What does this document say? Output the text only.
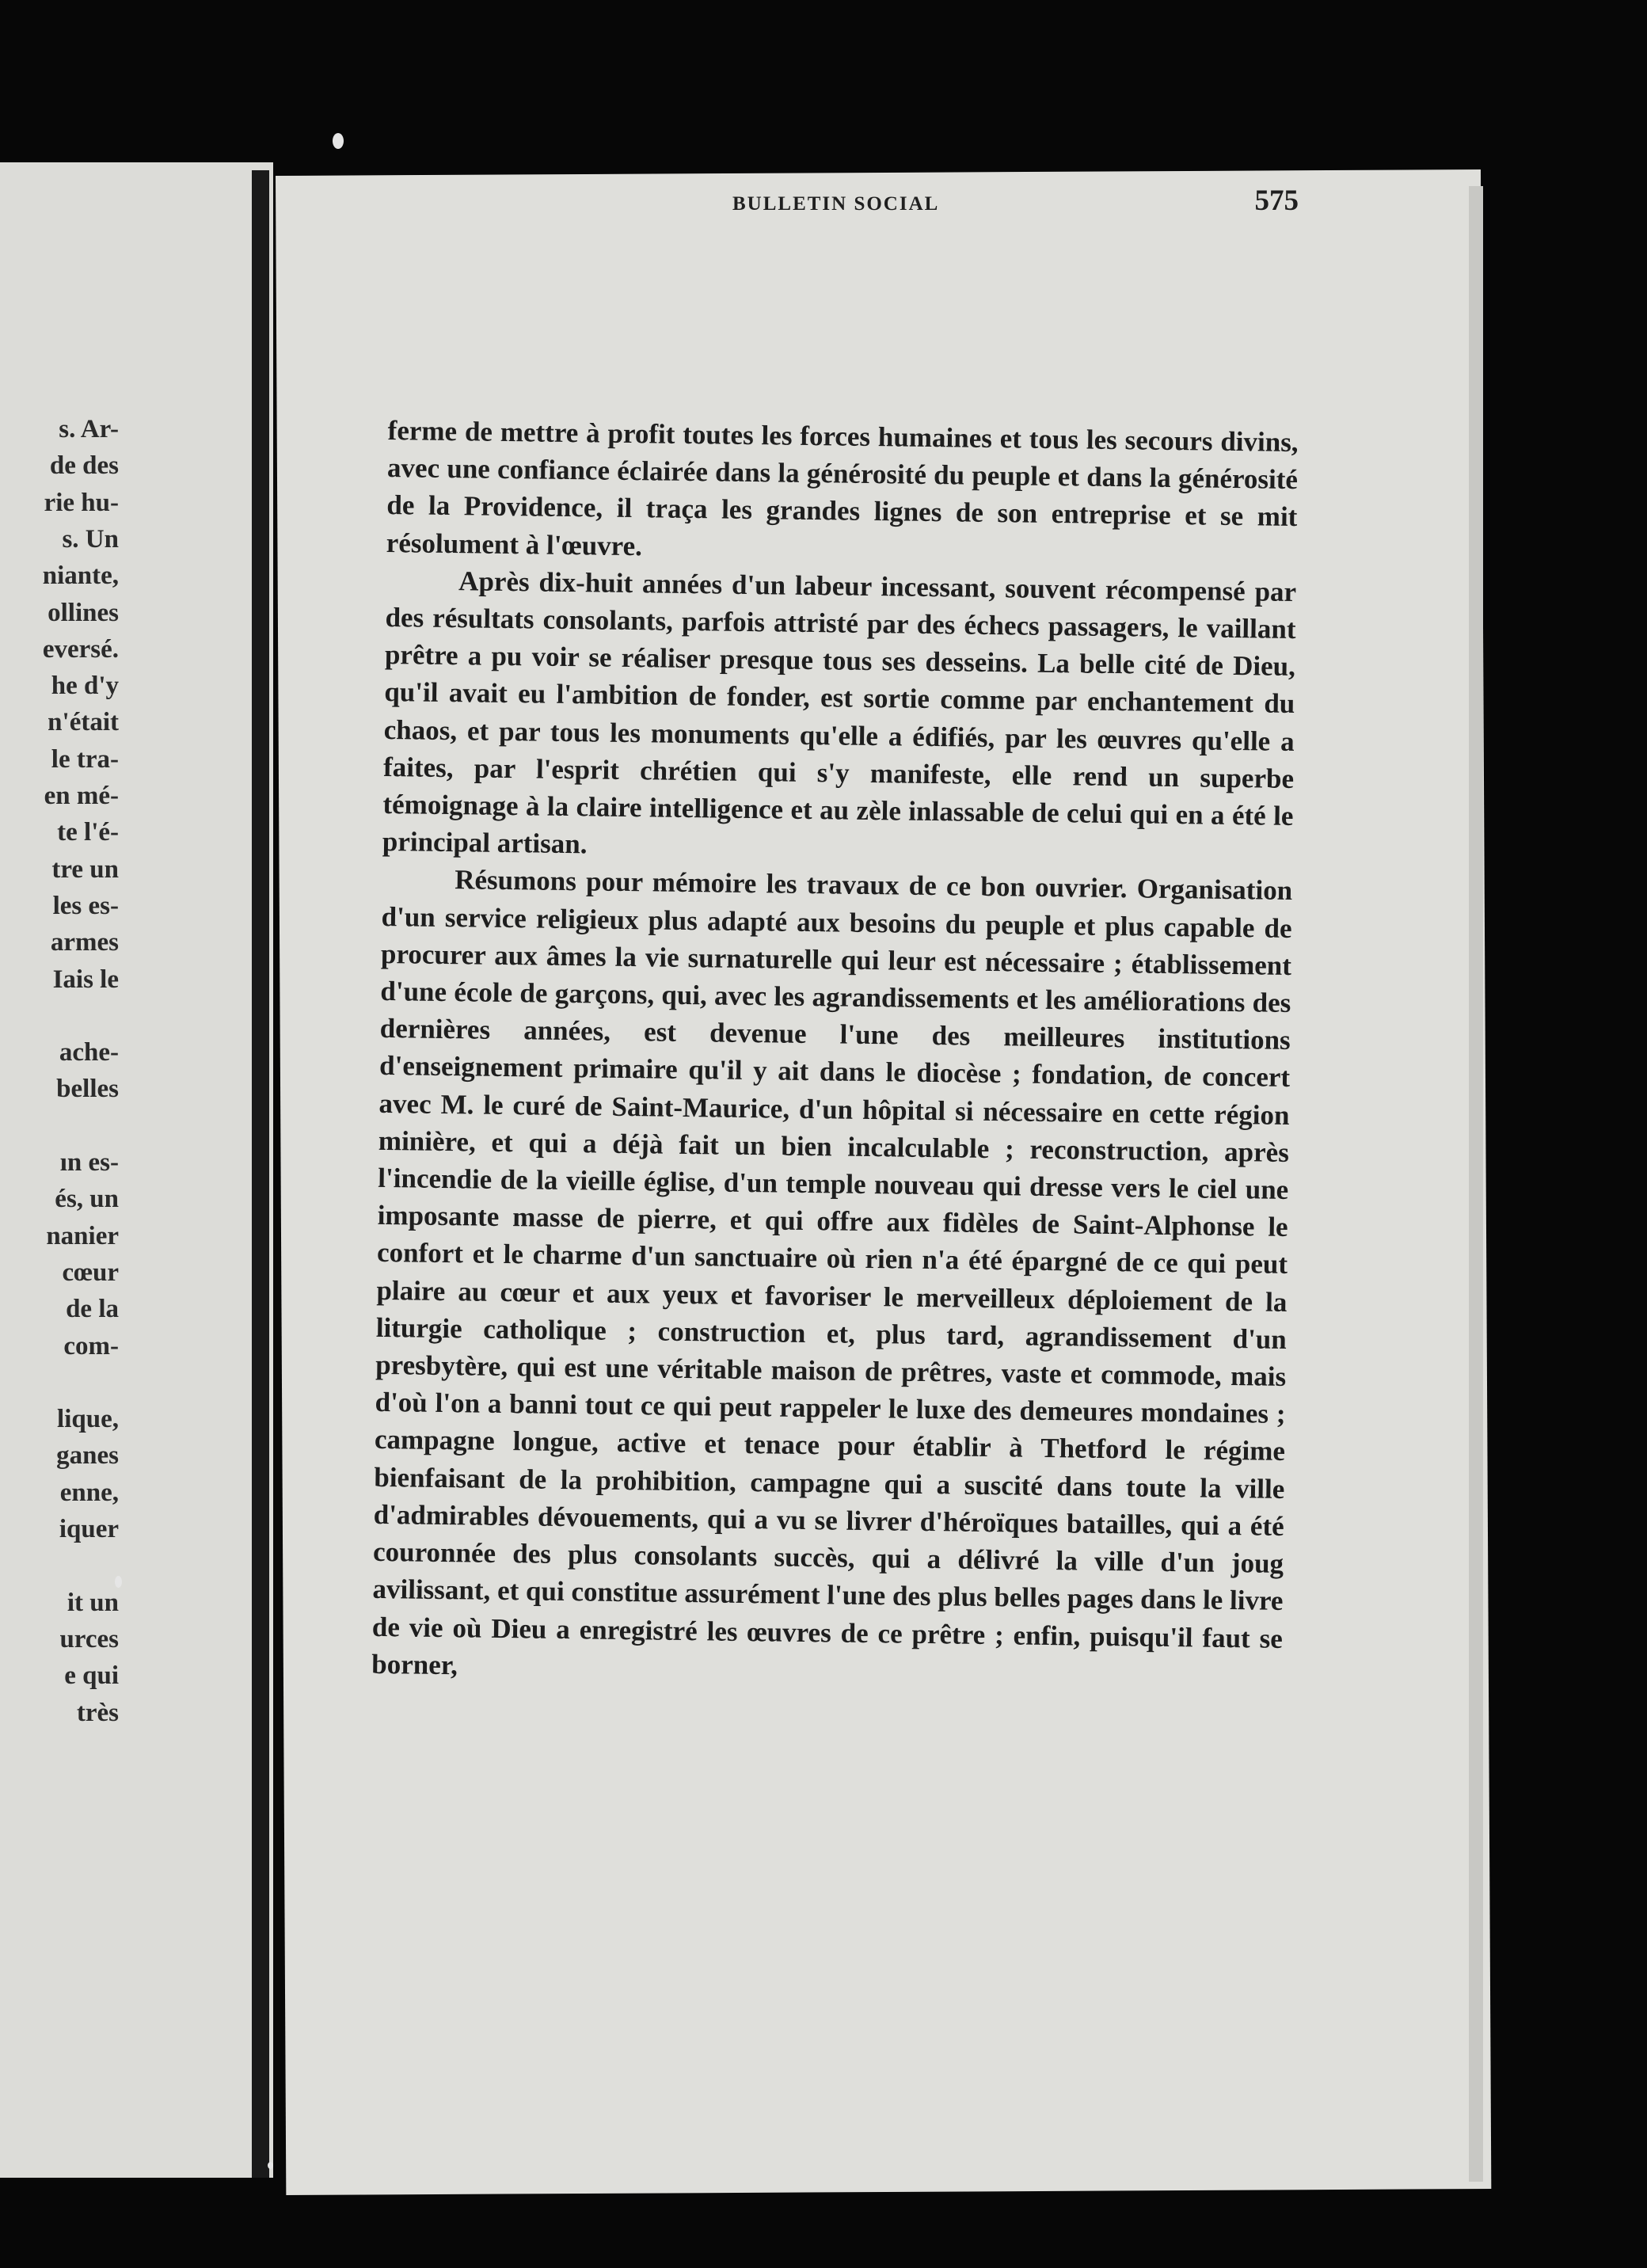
s. Ar-
de des
rie hu-
s. Un
niante,
ollines
eversé.
he d'y
n'était
le tra-
en mé-
te l'é-
tre un
les es-
armes
Iais le
ache-
belles
ın es-
és, un
nanier
cœur
de la
com-
lique,
ganes
enne,
iquer
it un
urces
e qui
très
BULLETIN SOCIAL	575

ferme de mettre à profit toutes les forces humaines et tous les secours divins, avec une confiance éclairée dans la générosité du peuple et dans la générosité de la Providence, il traça les grandes lignes de son entreprise et se mit résolument à l'œuvre.

Après dix-huit années d'un labeur incessant, souvent récompensé par des résultats consolants, parfois attristé par des échecs passagers, le vaillant prêtre a pu voir se réaliser presque tous ses desseins. La belle cité de Dieu, qu'il avait eu l'ambition de fonder, est sortie comme par enchantement du chaos, et par tous les monuments qu'elle a édifiés, par les œuvres qu'elle a faites, par l'esprit chrétien qui s'y manifeste, elle rend un superbe témoignage à la claire intelligence et au zèle inlassable de celui qui en a été le principal artisan.

Résumons pour mémoire les travaux de ce bon ouvrier. Organisation d'un service religieux plus adapté aux besoins du peuple et plus capable de procurer aux âmes la vie surnaturelle qui leur est nécessaire ; établissement d'une école de garçons, qui, avec les agrandissements et les améliorations des dernières années, est devenue l'une des meilleures institutions d'enseignement primaire qu'il y ait dans le diocèse ; fondation, de concert avec M. le curé de Saint-Maurice, d'un hôpital si nécessaire en cette région minière, et qui a déjà fait un bien incalculable ; reconstruction, après l'incendie de la vieille église, d'un temple nouveau qui dresse vers le ciel une imposante masse de pierre, et qui offre aux fidèles de Saint-Alphonse le confort et le charme d'un sanctuaire où rien n'a été épargné de ce qui peut plaire au cœur et aux yeux et favoriser le merveilleux déploiement de la liturgie catholique ; construction et, plus tard, agrandissement d'un presbytère, qui est une véritable maison de prêtres, vaste et commode, mais d'où l'on a banni tout ce qui peut rappeler le luxe des demeures mondaines ; campagne longue, active et tenace pour établir à Thetford le régime bienfaisant de la prohibition, campagne qui a suscité dans toute la ville d'admirables dévouements, qui a vu se livrer d'héroïques batailles, qui a été couronnée des plus consolants succès, qui a délivré la ville d'un joug avilissant, et qui constitue assurément l'une des plus belles pages dans le livre de vie où Dieu a enregistré les œuvres de ce prêtre ; enfin, puisqu'il faut se borner,
